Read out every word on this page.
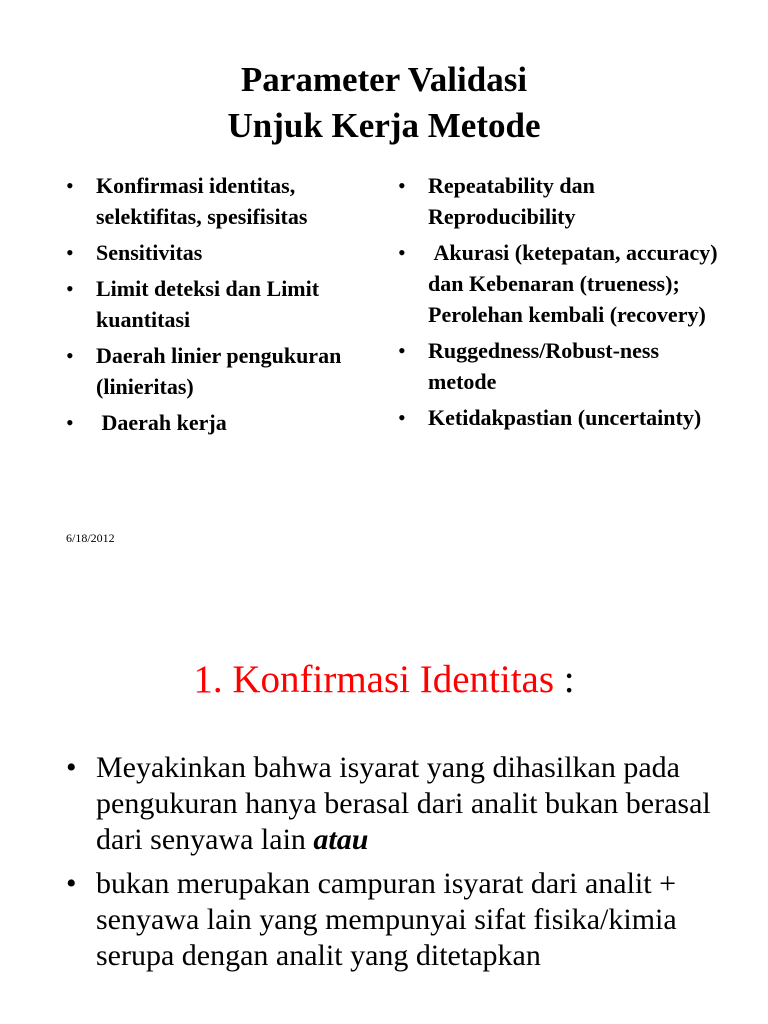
Parameter Validasi
Unjuk Kerja Metode
• Konfirmasi identitas, selektifitas, spesifisitas
• Sensitivitas
• Limit deteksi dan Limit kuantitasi
• Daerah linier pengukuran (linieritas)
• Daerah kerja
• Repeatability dan Reproducibility
• Akurasi (ketepatan, accuracy) dan Kebenaran (trueness); Perolehan kembali (recovery)
• Ruggedness/Robust-ness metode
• Ketidakpastian (uncertainty)
6/18/2012
1. Konfirmasi Identitas :
• Meyakinkan bahwa isyarat yang dihasilkan pada pengukuran hanya berasal dari analit bukan berasal dari senyawa lain atau
• bukan merupakan campuran isyarat dari analit + senyawa lain yang mempunyai sifat fisika/kimia serupa dengan analit yang ditetapkan
